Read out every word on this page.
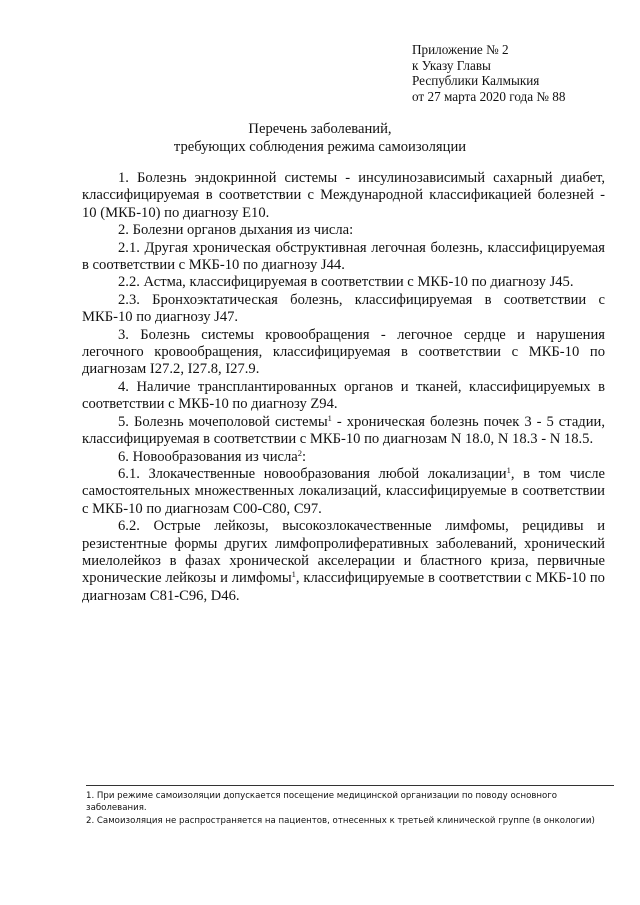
Приложение № 2
к Указу Главы
Республики Калмыкия
от 27 марта 2020 года № 88
Перечень заболеваний,
требующих соблюдения режима самоизоляции

1. Болезнь эндокринной системы - инсулинозависимый сахарный диабет, классифицируемая в соответствии с Международной классификацией болезней - 10 (МКБ-10) по диагнозу Е10.

2. Болезни органов дыхания из числа:

2.1. Другая хроническая обструктивная легочная болезнь, классифицируемая в соответствии с МКБ-10 по диагнозу J44.

2.2. Астма, классифицируемая в соответствии с МКБ-10 по диагнозу J45.

2.3. Бронхоэктатическая болезнь, классифицируемая в соответствии с МКБ-10 по диагнозу J47.

3. Болезнь системы кровообращения - легочное сердце и нарушения легочного кровообращения, классифицируемая в соответствии с МКБ-10 по диагнозам I27.2, I27.8, I27.9.

4. Наличие трансплантированных органов и тканей, классифицируемых в соответствии с МКБ-10 по диагнозу Z94.

5. Болезнь мочеполовой системы$^1$ - хроническая болезнь почек 3 - 5 стадии, классифицируемая в соответствии с МКБ-10 по диагнозам N 18.0, N 18.3 - N 18.5.

6. Новообразования из числа$^2$:

6.1. Злокачественные новообразования любой локализации$^1$, в том числе самостоятельных множественных локализаций, классифицируемые в соответствии с МКБ-10 по диагнозам С00-С80, С97.

6.2. Острые лейкозы, высокозлокачественные лимфомы, рецидивы и резистентные формы других лимфопролиферативных заболеваний, хронический миелолейкоз в фазах хронической акселерации и бластного криза, первичные хронические лейкозы и лимфомы$^1$, классифицируемые в соответствии с МКБ-10 по диагнозам С81-С96, D46.

1. При режиме самоизоляции допускается посещение медицинской организации по поводу основного заболевания.

2. Самоизоляция не распространяется на пациентов, отнесенных к третьей клинической группе (в онкологии)
